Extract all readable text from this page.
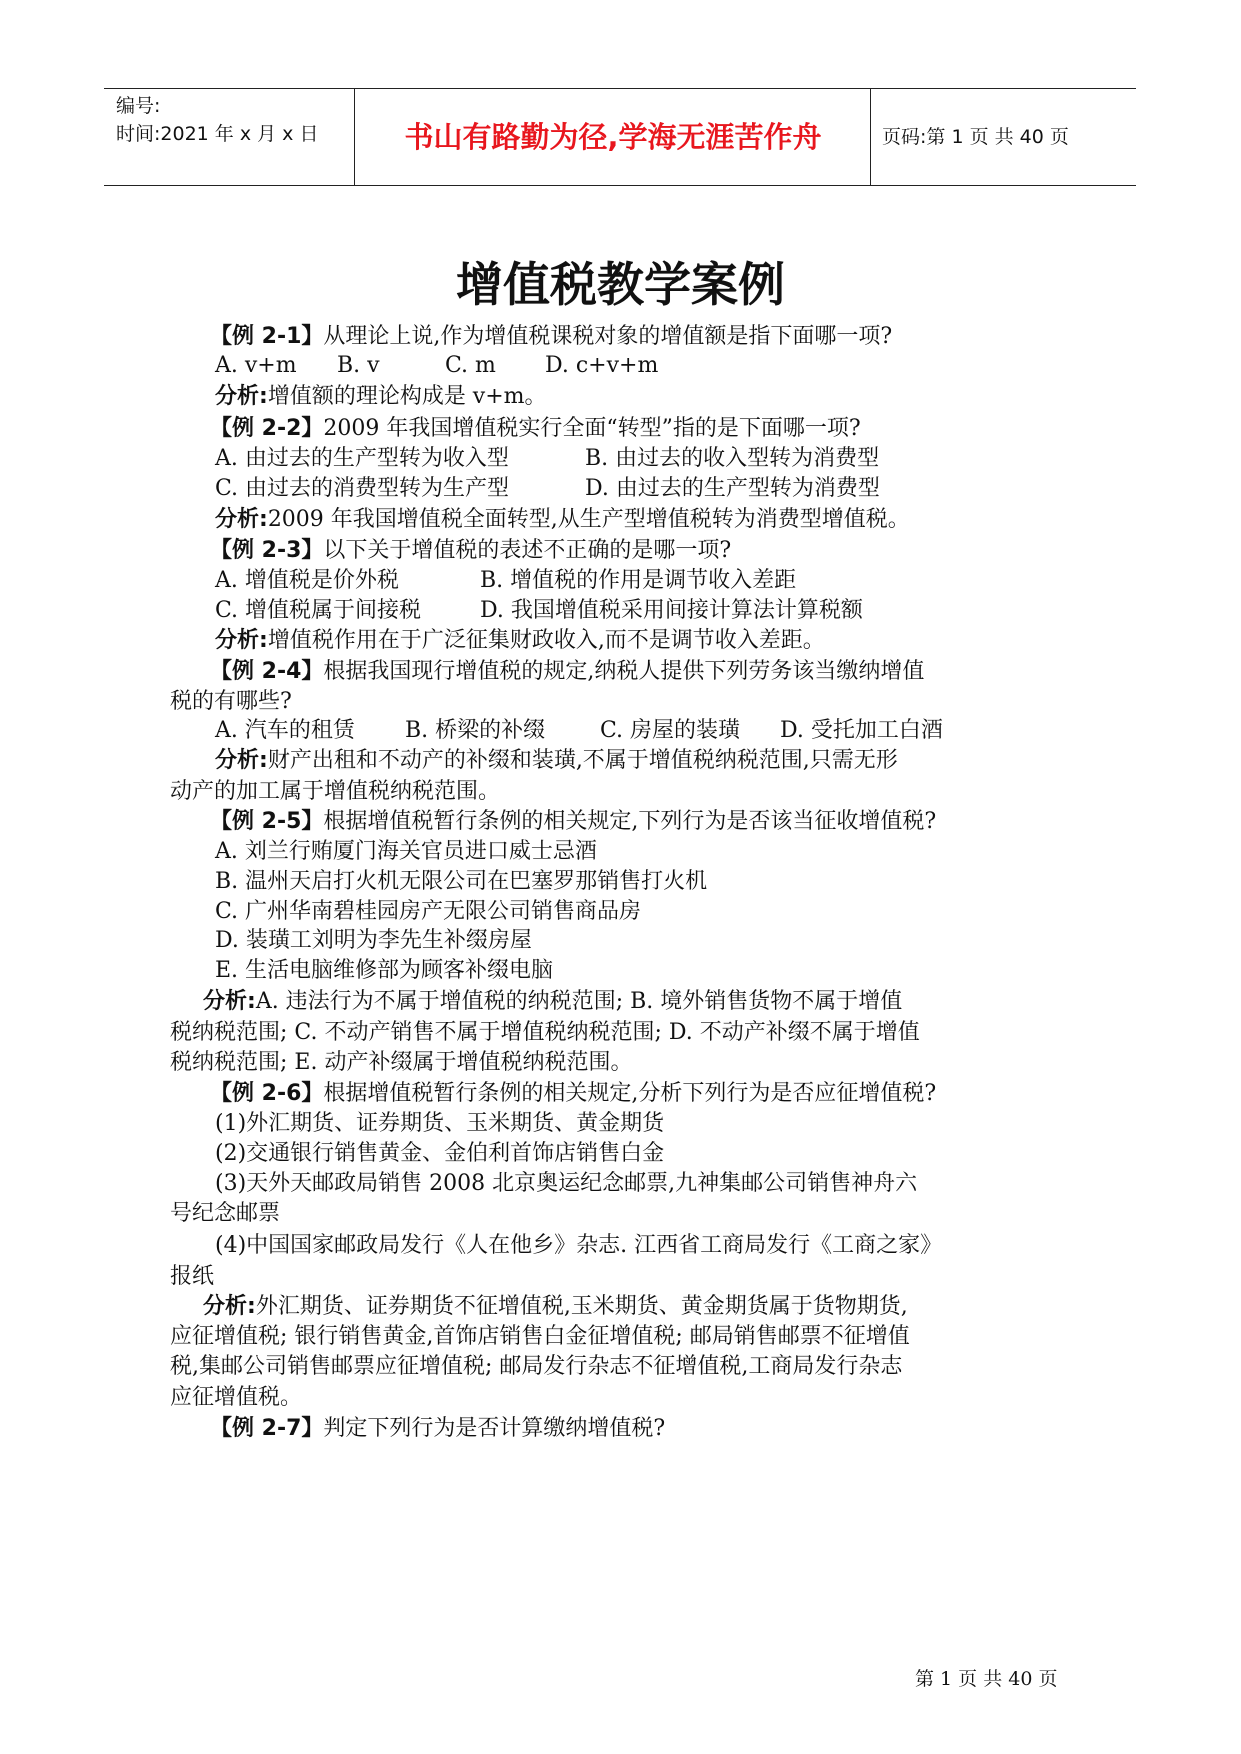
编号:
时间:2021 年 x 月 x 日	书山有路勤为径,学海无涯苦作舟	页码:第 1 页 共 40 页
增值税教学案例
【例 2-1】从理论上说,作为增值税课税对象的增值额是指下面哪一项?
A. v+m B. v	C. m D. c+v+m
分析:增值额的理论构成是 v+m。
【例 2-2】2009 年我国增值税实行全面“转型”指的是下面哪一项?
A. 由过去的生产型转为收入型	B. 由过去的收入型转为消费型
C. 由过去的消费型转为生产型	D. 由过去的生产型转为消费型
分析:2009 年我国增值税全面转型,从生产型增值税转为消费型增值税。
【例 2-3】以下关于增值税的表述不正确的是哪一项?
A. 增值税是价外税	B. 增值税的作用是调节收入差距
C. 增值税属于间接税	D. 我国增值税采用间接计算法计算税额
分析:增值税作用在于广泛征集财政收入,而不是调节收入差距。
【例 2-4】根据我国现行增值税的规定,纳税人提供下列劳务该当缴纳增值
税的有哪些?
A. 汽车的租赁 B. 桥梁的补缀 C. 房屋的装璜 D. 受托加工白酒
分析:财产出租和不动产的补缀和装璜,不属于增值税纳税范围,只需无形
动产的加工属于增值税纳税范围。
【例 2-5】根据增值税暂行条例的相关规定,下列行为是否该当征收增值税?
A. 刘兰行贿厦门海关官员进口威士忌酒
B. 温州天启打火机无限公司在巴塞罗那销售打火机
C. 广州华南碧桂园房产无限公司销售商品房
D. 装璜工刘明为李先生补缀房屋
E. 生活电脑维修部为顾客补缀电脑
分析:A. 违法行为不属于增值税的纳税范围; B. 境外销售货物不属于增值
税纳税范围; C. 不动产销售不属于增值税纳税范围; D. 不动产补缀不属于增值
税纳税范围; E. 动产补缀属于增值税纳税范围。
【例 2-6】根据增值税暂行条例的相关规定,分析下列行为是否应征增值税?
(1)外汇期货、证券期货、玉米期货、黄金期货
(2)交通银行销售黄金、金伯利首饰店销售白金
(3)天外天邮政局销售 2008 北京奥运纪念邮票,九神集邮公司销售神舟六
号纪念邮票
(4)中国国家邮政局发行《人在他乡》杂志. 江西省工商局发行《工商之家》
报纸
分析:外汇期货、证券期货不征增值税,玉米期货、黄金期货属于货物期货,
应征增值税; 银行销售黄金,首饰店销售白金征增值税; 邮局销售邮票不征增值
税,集邮公司销售邮票应征增值税; 邮局发行杂志不征增值税,工商局发行杂志
应征增值税。
【例 2-7】判定下列行为是否计算缴纳增值税?
第 1 页 共 40 页
